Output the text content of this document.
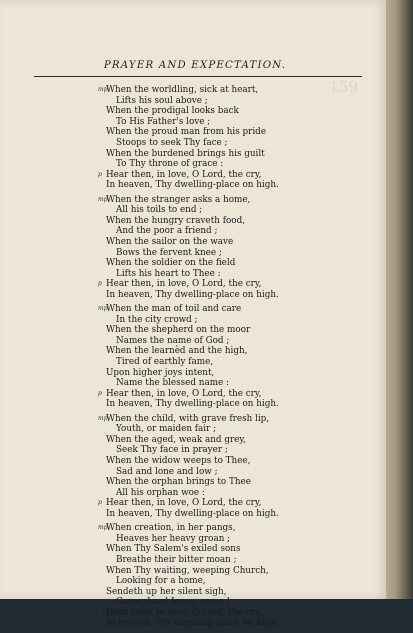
159
PRAYER AND EXPECTATION.
mp
When the worldling, sick at heart,
Lifts his soul above ;
When the prodigal looks back
To His Father's love ;
When the proud man from his pride
Stoops to seek Thy face ;
When the burdened brings his guilt
To Thy throne of grace :
p Hear then, in love, O Lord, the cry,
In heaven, Thy dwelling-place on high.
mp
When the stranger asks a home,
All his toils to end ;
When the hungry craveth food,
And the poor a friend ;
When the sailor on the wave
Bows the fervent knee ;
When the soldier on the field
Lifts his heart to Thee :
p Hear then, in love, O Lord, the cry,
In heaven, Thy dwelling-place on high.
mp
When the man of toil and care
In the city crowd ;
When the shepherd on the moor
Names the name of God ;
When the learnèd and the high,
Tired of earthly fame,
Upon higher joys intent,
Name the blessed name :
p Hear then, in love, O Lord, the cry,
In heaven, Thy dwelling-place on high.
mp
When the child, with grave fresh lip,
Youth, or maiden fair ;
When the aged, weak and grey,
Seek Thy face in prayer ;
When the widow weeps to Thee,
Sad and lone and low ;
When the orphan brings to Thee
All his orphan woe :
p Hear then, in love, O Lord, the cry,
In heaven, Thy dwelling-place on high.
mp
When creation, in her pangs,
Heaves her heavy groan ;
When Thy Salem's exiled sons
Breathe their bitter moan ;
When Thy waiting, weeping Church,
Looking for a home,
Sendeth up her silent sigh,
Come, Lord Jesus, come !
p Hear then, in love, O Lord, the cry,
In heaven, Thy dwelling-place on high.
